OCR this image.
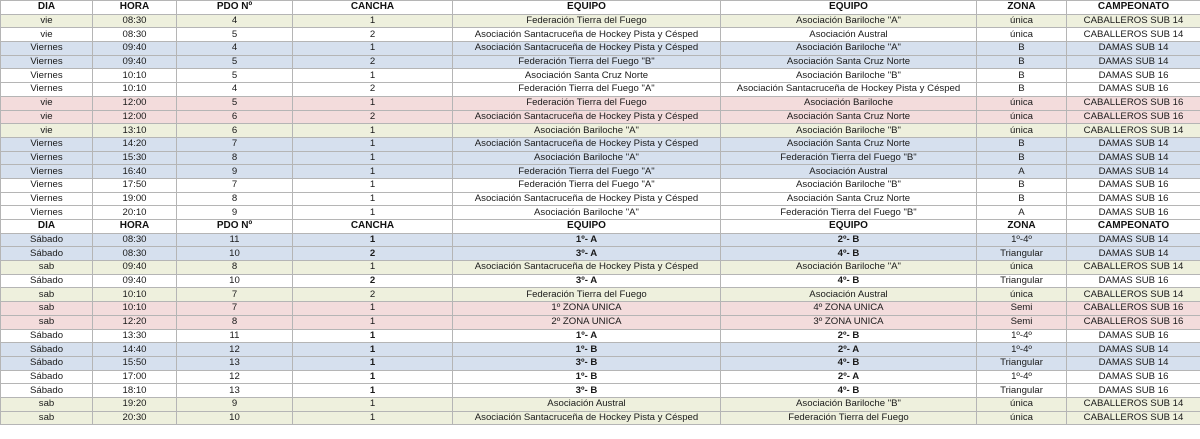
DIA	HORA	PDO Nº	CANCHA	EQUIPO	EQUIPO	ZONA	CAMPEONATO
vie	08:30	4	1	Federación Tierra del Fuego	Asociación Bariloche "A"	única	CABALLEROS SUB 14
vie	08:30	5	2	Asociación Santacruceña de Hockey Pista y Césped	Asociación Austral	única	CABALLEROS SUB 14
Viernes	09:40	4	1	Asociación Santacruceña de Hockey Pista y Césped	Asociación Bariloche "A"	B	DAMAS SUB 14
Viernes	09:40	5	2	Federación Tierra del Fuego "B"	Asociación Santa Cruz Norte	B	DAMAS SUB 14
Viernes	10:10	5	1	Asociación Santa Cruz Norte	Asociación Bariloche "B"	B	DAMAS SUB 16
Viernes	10:10	4	2	Federación Tierra del Fuego "A"	Asociación Santacruceña de Hockey Pista y Césped	B	DAMAS SUB 16
vie	12:00	5	1	Federación Tierra del Fuego	Asociación Bariloche	única	CABALLEROS SUB 16
vie	12:00	6	2	Asociación Santacruceña de Hockey Pista y Césped	Asociación Santa Cruz Norte	única	CABALLEROS SUB 16
vie	13:10	6	1	Asociación Bariloche "A"	Asociación Bariloche "B"	única	CABALLEROS SUB 14
Viernes	14:20	7	1	Asociación Santacruceña de Hockey Pista y Césped	Asociación Santa Cruz Norte	B	DAMAS SUB 14
Viernes	15:30	8	1	Asociación Bariloche "A"	Federación Tierra del Fuego "B"	B	DAMAS SUB 14
Viernes	16:40	9	1	Federación Tierra del Fuego "A"	Asociación Austral	A	DAMAS SUB 14
Viernes	17:50	7	1	Federación Tierra del Fuego "A"	Asociación Bariloche "B"	B	DAMAS SUB 16
Viernes	19:00	8	1	Asociación Santacruceña de Hockey Pista y Césped	Asociación Santa Cruz Norte	B	DAMAS SUB 16
Viernes	20:10	9	1	Asociación Bariloche "A"	Federación Tierra del Fuego "B"	A	DAMAS SUB 16
DIA	HORA	PDO Nº	CANCHA	EQUIPO	EQUIPO	ZONA	CAMPEONATO
Sábado	08:30	11	1	1º- A	2º- B	1º-4º	DAMAS SUB 14
Sábado	08:30	10	2	3º- A	4º- B	Triangular	DAMAS SUB 14
sab	09:40	8	1	Asociación Santacruceña de Hockey Pista y Césped	Asociación Bariloche "A"	única	CABALLEROS SUB 14
Sábado	09:40	10	2	3º- A	4º- B	Triangular	DAMAS SUB 16
sab	10:10	7	2	Federación Tierra del Fuego	Asociación Austral	única	CABALLEROS SUB 14
sab	10:10	7	1	1º ZONA UNICA	4º ZONA UNICA	Semi	CABALLEROS SUB 16
sab	12:20	8	1	2º ZONA UNICA	3º ZONA UNICA	Semi	CABALLEROS SUB 16
Sábado	13:30	11	1	1º- A	2º- B	1º-4º	DAMAS SUB 16
Sábado	14:40	12	1	1º- B	2º- A	1º-4º	DAMAS SUB 14
Sábado	15:50	13	1	3º- B	4º- B	Triangular	DAMAS SUB 14
Sábado	17:00	12	1	1º- B	2º- A	1º-4º	DAMAS SUB 16
Sábado	18:10	13	1	3º- B	4º- B	Triangular	DAMAS SUB 16
sab	19:20	9	1	Asociación Austral	Asociación Bariloche "B"	única	CABALLEROS SUB 14
sab	20:30	10	1	Asociación Santacruceña de Hockey Pista y Césped	Federación Tierra del Fuego	única	CABALLEROS SUB 14
